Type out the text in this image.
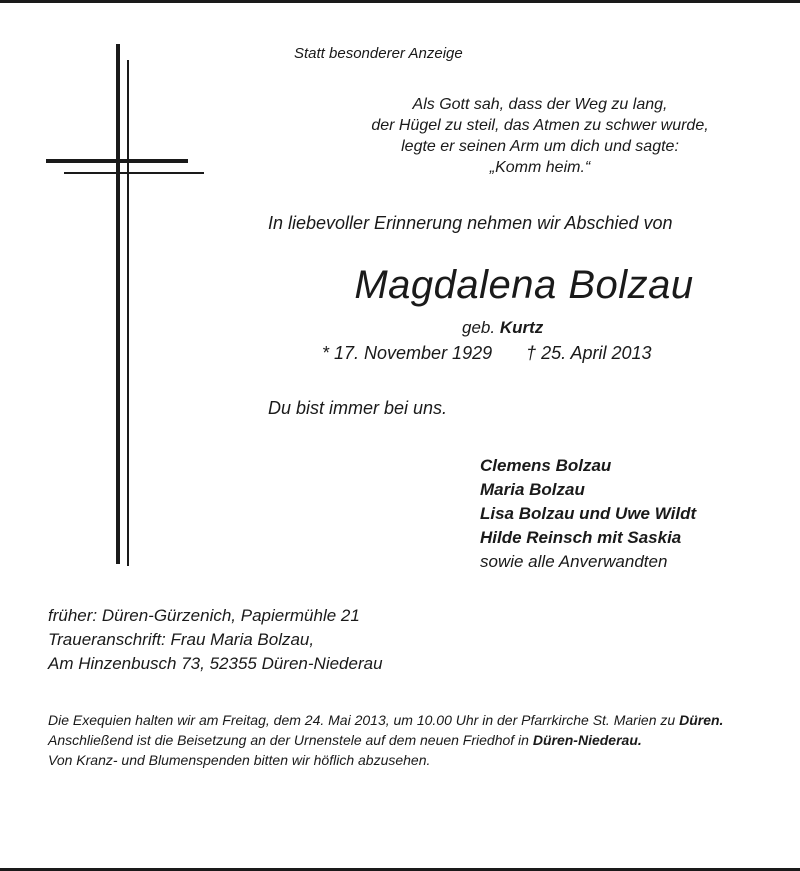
Statt besonderer Anzeige
Als Gott sah, dass der Weg zu lang,
der Hügel zu steil, das Atmen zu schwer wurde,
legte er seinen Arm um dich und sagte:
„Komm heim.“
In liebevoller Erinnerung nehmen wir Abschied von
Magdalena Bolzau
geb. Kurtz
* 17. November 1929 † 25. April 2013
Du bist immer bei uns.
Clemens Bolzau
Maria Bolzau
Lisa Bolzau und Uwe Wildt
Hilde Reinsch mit Saskia
sowie alle Anverwandten
früher: Düren-Gürzenich, Papiermühle 21
Traueranschrift: Frau Maria Bolzau,
Am Hinzenbusch 73, 52355 Düren-Niederau

Die Exequien halten wir am Freitag, dem 24. Mai 2013, um 10.00 Uhr in der Pfarrkirche St. Marien zu Düren.

Anschließend ist die Beisetzung an der Urnenstele auf dem neuen Friedhof in Düren-Niederau.

Von Kranz- und Blumenspenden bitten wir höflich abzusehen.
